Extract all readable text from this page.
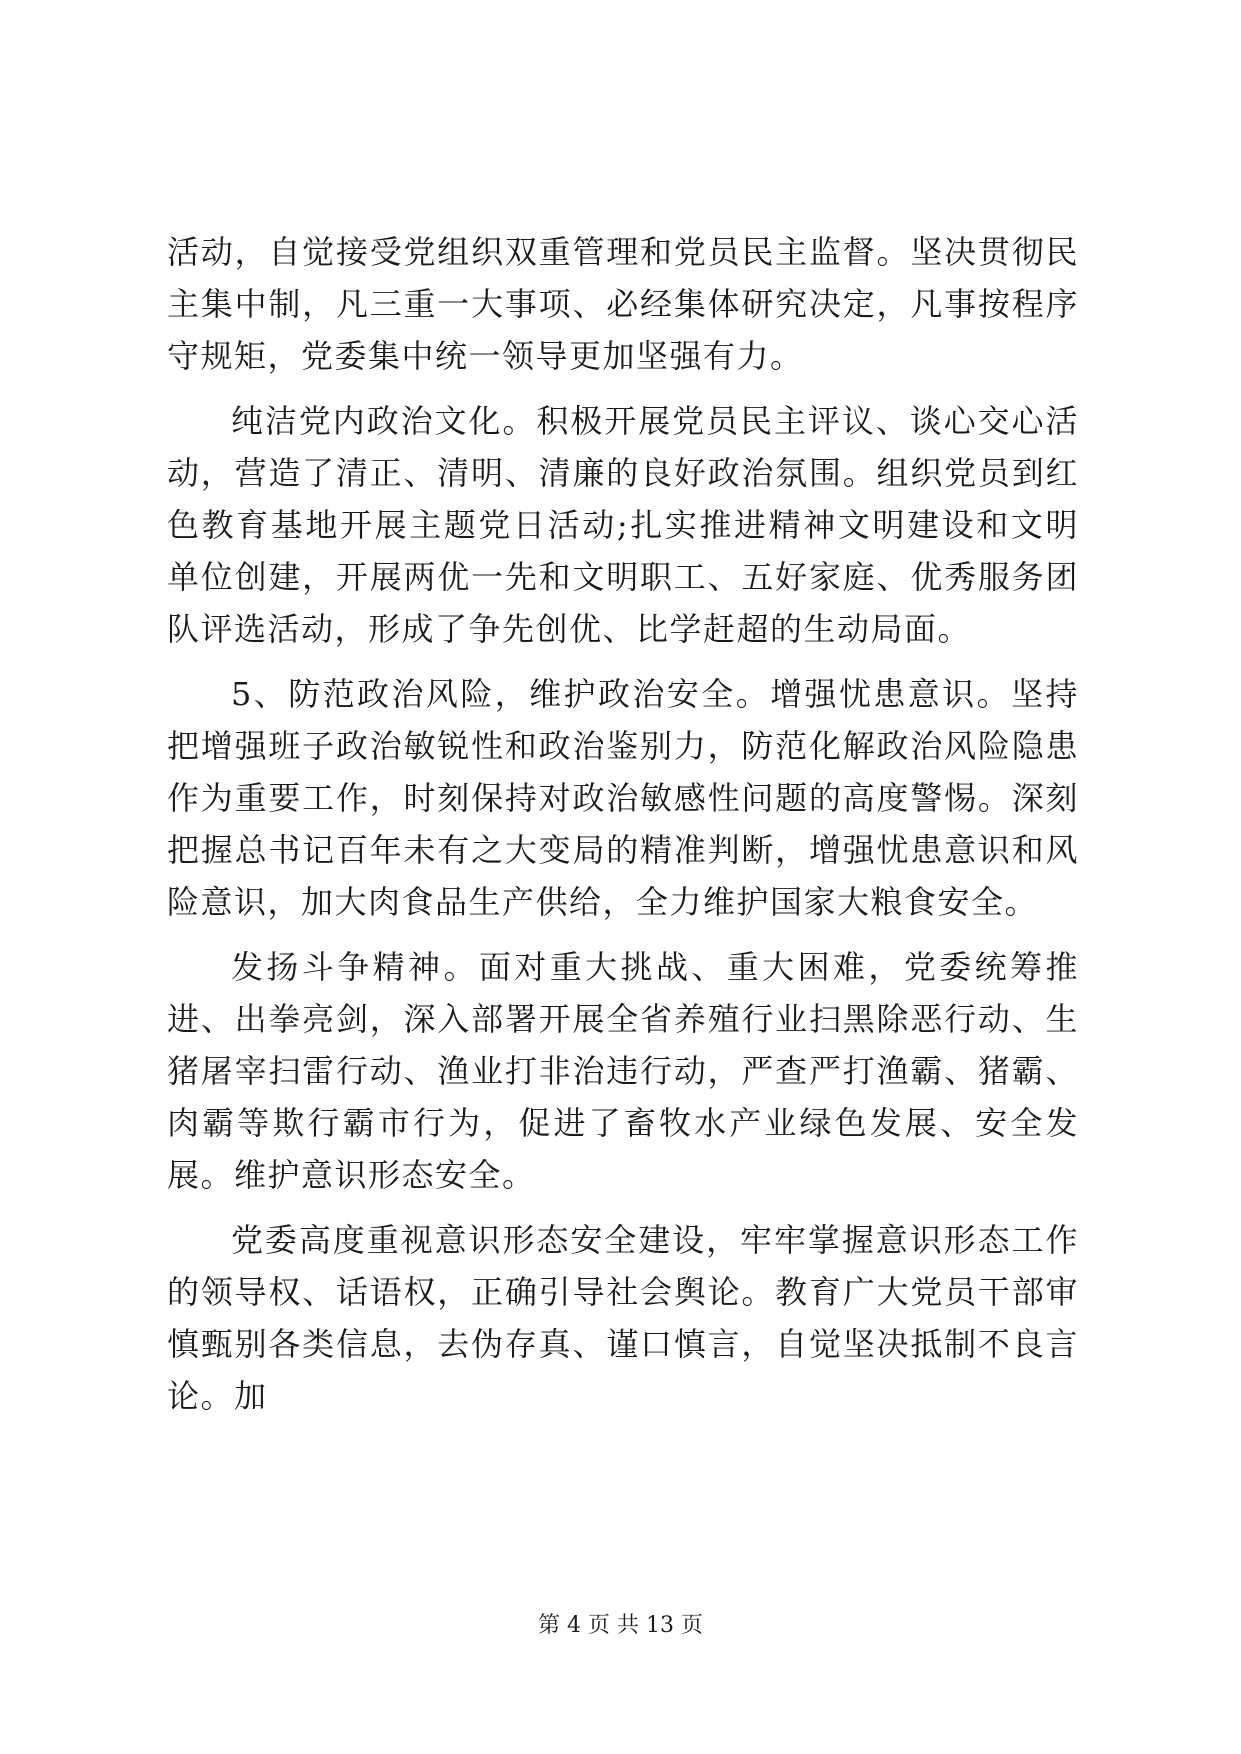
活动，自觉接受党组织双重管理和党员民主监督。坚决贯彻民主集中制，凡三重一大事项、必经集体研究决定，凡事按程序守规矩，党委集中统一领导更加坚强有力。

纯洁党内政治文化。积极开展党员民主评议、谈心交心活动，营造了清正、清明、清廉的良好政治氛围。组织党员到红色教育基地开展主题党日活动;扎实推进精神文明建设和文明单位创建，开展两优一先和文明职工、五好家庭、优秀服务团队评选活动，形成了争先创优、比学赶超的生动局面。

5、防范政治风险，维护政治安全。增强忧患意识。坚持把增强班子政治敏锐性和政治鉴别力，防范化解政治风险隐患作为重要工作，时刻保持对政治敏感性问题的高度警惕。深刻把握总书记百年未有之大变局的精准判断，增强忧患意识和风险意识，加大肉食品生产供给，全力维护国家大粮食安全。

发扬斗争精神。面对重大挑战、重大困难，党委统筹推进、出拳亮剑，深入部署开展全省养殖行业扫黑除恶行动、生猪屠宰扫雷行动、渔业打非治违行动，严查严打渔霸、猪霸、肉霸等欺行霸市行为，促进了畜牧水产业绿色发展、安全发展。维护意识形态安全。

党委高度重视意识形态安全建设，牢牢掌握意识形态工作的领导权、话语权，正确引导社会舆论。教育广大党员干部审慎甄别各类信息，去伪存真、谨口慎言，自觉坚决抵制不良言论。加

第 4 页 共 13 页
